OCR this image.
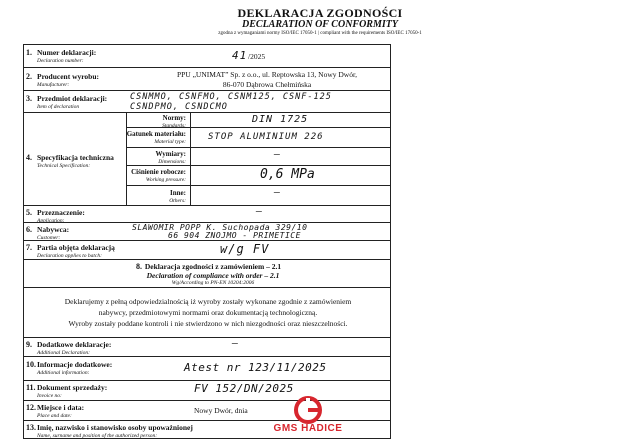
DEKLARACJA ZGODNOŚCI
DECLARATION OF CONFORMITY
zgodna z wymaganiami normy ISO/IEC 17050-1 | compliant with the requirements ISO/IEC 17050-1
1. Numer deklaracji:
Declaration number:	41 /2025
2. Producent wyrobu:
Manufacturer:
PPU „UNIMAT” Sp. z o.o., ul. Reptowska 13, Nowy Dwór,
86-070 Dąbrowa Chełmińska
3. Przedmiot deklaracji:
Item of declaration
CSNMMO, CSNFMO, CSNM125, CSNF-125
CSNDPMO, CSNDCMO
4. Specyfikacja techniczna
Technical Specification:
Normy:
Standards:
DIN 1725
Gatunek materiału:
Material type: STOP ALUMINIUM 226
Wymiary:
Dimensions:
—
Ciśnienie robocze:
Working pressure:	0,6 MPa
Inne:
Others:
—
5. Przeznaczenie:
Application:
—
6. Nabywca:
Customer:
SLAWOMIR POPP K. Suchopada 329/10
66 904 ZNOJMO - PRIMETICE
7. Partia objęta deklaracją
Declaration applies to batch:	w/g FV
8. Deklaracja zgodności z zamówieniem – 2.1
Declaration of compliance with order – 2.1
Wg/According to PN-EN 10204:2006
Deklarujemy z pełną odpowiedzialnością iż wyroby zostały wykonane zgodnie z zamówieniem
nabywcy, przedmiotowymi normami oraz dokumentacją technologiczną.
Wyroby zostały poddane kontroli i nie stwierdzono w nich niezgodności oraz nieszczelności.
9. Dodatkowe deklaracje:
Additional Declaration:
—
10. Informacje dodatkowe:
Additional information:	Atest nr 123/11/2025
11. Dokument sprzedaży:
Invoice no:
FV 152/DN/2025
12. Miejsce i data:
Place and date:
Nowy Dwór, dnia
13. Imię, nazwisko i stanowisko osoby upoważnionej
Name, surname and position of the authorized person:
GMS HADICE
